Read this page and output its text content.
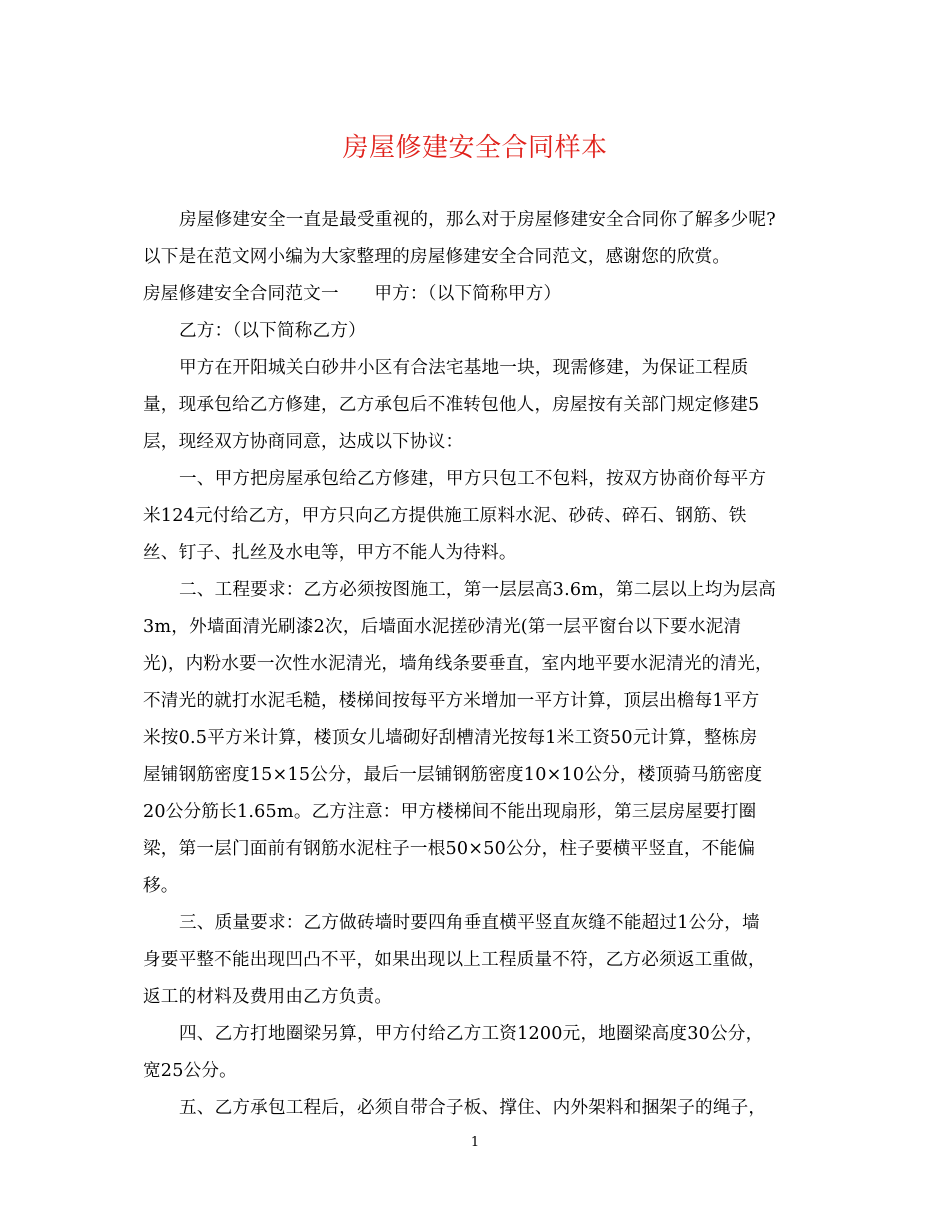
房屋修建安全合同样本
房屋修建安全一直是最受重视的，那么对于房屋修建安全合同你了解多少呢?
以下是在范文网小编为大家整理的房屋修建安全合同范文，感谢您的欣赏。
房屋修建安全合同范文一　　甲方：（以下简称甲方）
乙方：（以下简称乙方）
甲方在开阳城关白砂井小区有合法宅基地一块，现需修建，为保证工程质
量，现承包给乙方修建，乙方承包后不准转包他人，房屋按有关部门规定修建5
层，现经双方协商同意，达成以下协议：
一、甲方把房屋承包给乙方修建，甲方只包工不包料，按双方协商价每平方
米124元付给乙方，甲方只向乙方提供施工原料水泥、砂砖、碎石、钢筋、铁
丝、钉子、扎丝及水电等，甲方不能人为待料。
二、工程要求：乙方必须按图施工，第一层层高3.6m，第二层以上均为层高
3m，外墙面清光刷漆2次，后墙面水泥搓砂清光(第一层平窗台以下要水泥清
光)，内粉水要一次性水泥清光，墙角线条要垂直，室内地平要水泥清光的清光，
不清光的就打水泥毛糙，楼梯间按每平方米增加一平方计算，顶层出檐每1平方
米按0.5平方米计算，楼顶女儿墙砌好刮槽清光按每1米工资50元计算，整栋房
屋铺钢筋密度15×15公分，最后一层铺钢筋密度10×10公分，楼顶骑马筋密度
20公分筋长1.65m。乙方注意：甲方楼梯间不能出现扇形，第三层房屋要打圈
梁，第一层门面前有钢筋水泥柱子一根50×50公分，柱子要横平竖直，不能偏
移。
三、质量要求：乙方做砖墙时要四角垂直横平竖直灰缝不能超过1公分，墙
身要平整不能出现凹凸不平，如果出现以上工程质量不符，乙方必须返工重做，
返工的材料及费用由乙方负责。
四、乙方打地圈梁另算，甲方付给乙方工资1200元，地圈梁高度30公分，
宽25公分。
五、乙方承包工程后，必须自带合子板、撑住、内外架料和捆架子的绳子，
1
